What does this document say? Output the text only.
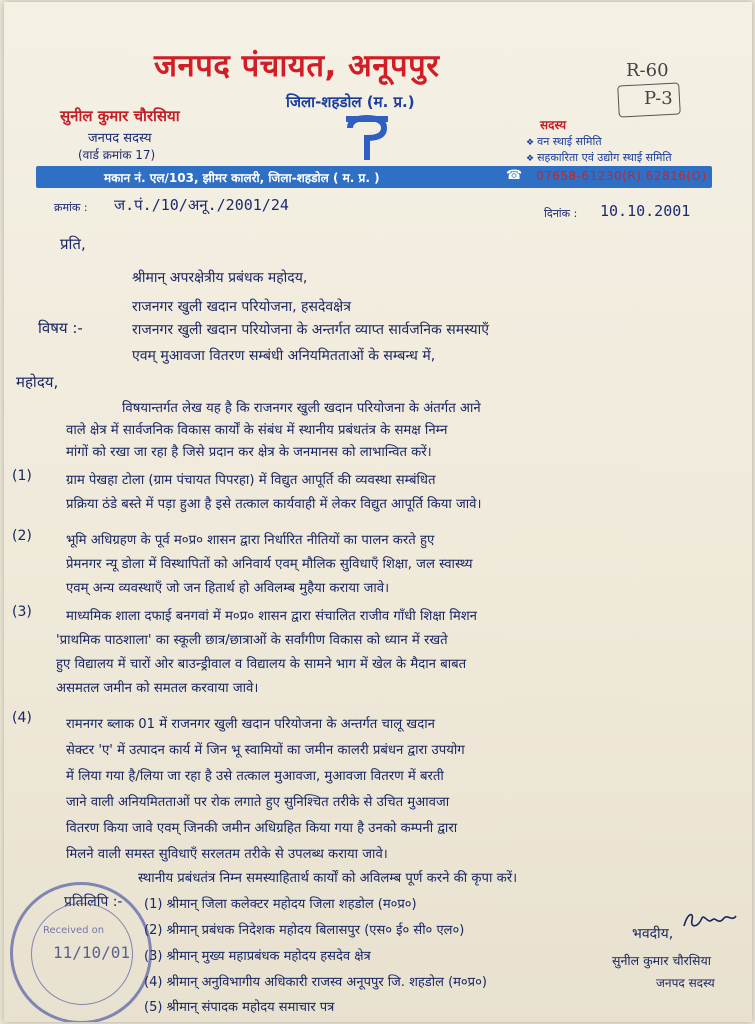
R-60
P-3
जनपद पंचायत, अनूपपुर
जिला-शहडोल (म. प्र.)
सुनील कुमार चौरसिया
जनपद सदस्य
(वार्ड क्रमांक 17)
सदस्य
❖ वन स्थाई समिति
❖ सहकारिता एवं उद्योग स्थाई समिति
मकान नं. एल/103, झीमर कालरी, जिला-शहडोल ( म. प्र. )	☎ 07658-61230(R) 62816(O)
क्रमांक : ज.पं./10/अनू./2001/24	दिनांक : 10.10.2001
प्रति,
श्रीमान् अपरक्षेत्रीय प्रबंधक महोदय,
राजनगर खुली खदान परियोजना, हसदेवक्षेत्र
विषय :-	राजनगर खुली खदान परियोजना के अन्तर्गत व्याप्त सार्वजनिक समस्याएँ
एवम् मुआवजा वितरण सम्बंधी अनियमितताओं के सम्बन्ध में,
महोदय,
विषयान्तर्गत लेख यह है कि राजनगर खुली खदान परियोजना के अंतर्गत आने
वाले क्षेत्र में सार्वजनिक विकास कार्यों के संबंध में स्थानीय प्रबंधतंत्र के समक्ष निम्न
मांगों को रखा जा रहा है जिसे प्रदान कर क्षेत्र के जनमानस को लाभान्वित करें।
(1)	ग्राम पेखहा टोला (ग्राम पंचायत पिपरहा) में विद्युत आपूर्ति की व्यवस्था सम्बंधित
प्रक्रिया ठंडे बस्ते में पड़ा हुआ है इसे तत्काल कार्यवाही में लेकर विद्युत आपूर्ति किया जावे।
(2)	भूमि अधिग्रहण के पूर्व म०प्र० शासन द्वारा निर्धारित नीतियों का पालन करते हुए
प्रेमनगर न्यू डोला में विस्थापितों को अनिवार्य एवम् मौलिक सुविधाएँ शिक्षा, जल स्वास्थ्य
एवम् अन्य व्यवस्थाएँ जो जन हितार्थ हो अविलम्ब मुहैया कराया जावे।
(3)	माध्यमिक शाला दफाई बनगवां में म०प्र० शासन द्वारा संचालित राजीव गाँधी शिक्षा मिशन
'प्राथमिक पाठशाला' का स्कूली छात्र/छात्राओं के सर्वांगीण विकास को ध्यान में रखते
हुए विद्यालय में चारों ओर बाउन्ड्रीवाल व विद्यालय के सामने भाग में खेल के मैदान बाबत
असमतल जमीन को समतल करवाया जावे।
(4)	रामनगर ब्लाक 01 में राजनगर खुली खदान परियोजना के अन्तर्गत चालू खदान
सेक्टर 'ए' में उत्पादन कार्य में जिन भू स्वामियों का जमीन कालरी प्रबंधन द्वारा उपयोग
में लिया गया है/लिया जा रहा है उसे तत्काल मुआवजा, मुआवजा वितरण में बरती
जाने वाली अनियमितताओं पर रोक लगाते हुए सुनिश्चित तरीके से उचित मुआवजा
वितरण किया जावे एवम् जिनकी जमीन अधिग्रहित किया गया है उनको कम्पनी द्वारा
मिलने वाली समस्त सुविधाएँ सरलतम तरीके से उपलब्ध कराया जावे।
स्थानीय प्रबंधतंत्र निम्न समस्याहितार्थ कार्यों को अविलम्ब पूर्ण करने की कृपा करें।
Received on
11/10/01
प्रतिलिपि :- (1) श्रीमान् जिला कलेक्टर महोदय जिला शहडोल (म०प्र०)
(2) श्रीमान् प्रबंधक निदेशक महोदय बिलासपुर (एस० ई० सी० एल०)
(3) श्रीमान् मुख्य महाप्रबंधक महोदय हसदेव क्षेत्र
(4) श्रीमान् अनुविभागीय अधिकारी राजस्व अनूपपुर जि. शहडोल (म०प्र०)
(5) श्रीमान् संपादक महोदय समाचार पत्र
भवदीय,
सुनील कुमार चौरसिया
जनपद सदस्य
